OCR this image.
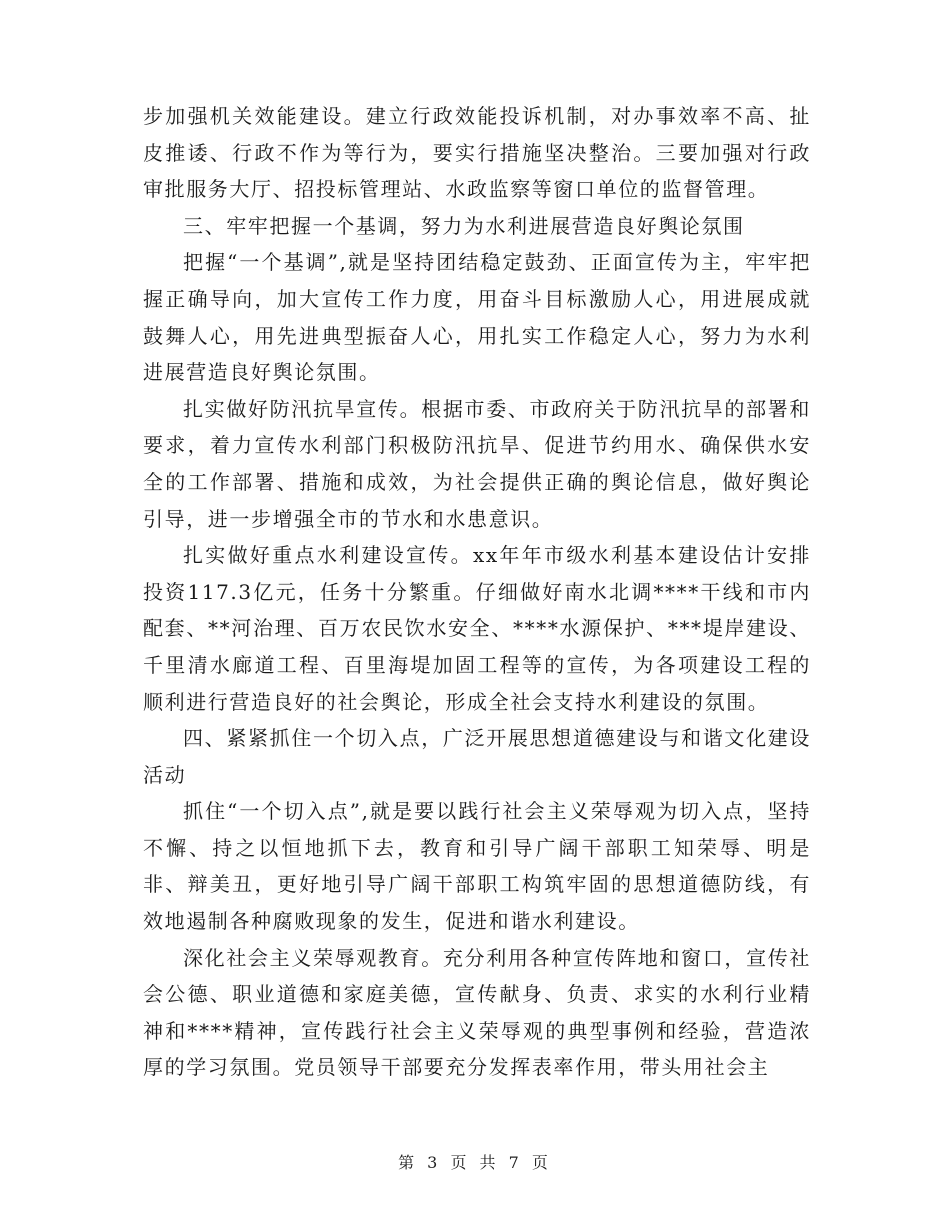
步加强机关效能建设。建立行政效能投诉机制，对办事效率不高、扯皮推诿、行政不作为等行为，要实行措施坚决整治。三要加强对行政审批服务大厅、招投标管理站、水政监察等窗口单位的监督管理。

三、牢牢把握一个基调，努力为水利进展营造良好舆论氛围

把握“一个基调”,就是坚持团结稳定鼓劲、正面宣传为主，牢牢把握正确导向，加大宣传工作力度，用奋斗目标激励人心，用进展成就鼓舞人心，用先进典型振奋人心，用扎实工作稳定人心，努力为水利进展营造良好舆论氛围。

扎实做好防汛抗旱宣传。根据市委、市政府关于防汛抗旱的部署和要求，着力宣传水利部门积极防汛抗旱、促进节约用水、确保供水安全的工作部署、措施和成效，为社会提供正确的舆论信息，做好舆论引导，进一步增强全市的节水和水患意识。

扎实做好重点水利建设宣传。xx年年市级水利基本建设估计安排投资117.3亿元，任务十分繁重。仔细做好南水北调****干线和市内配套、**河治理、百万农民饮水安全、****水源保护、***堤岸建设、千里清水廊道工程、百里海堤加固工程等的宣传，为各项建设工程的顺利进行营造良好的社会舆论，形成全社会支持水利建设的氛围。

四、紧紧抓住一个切入点，广泛开展思想道德建设与和谐文化建设活动

抓住“一个切入点”,就是要以践行社会主义荣辱观为切入点，坚持不懈、持之以恒地抓下去，教育和引导广阔干部职工知荣辱、明是非、辩美丑，更好地引导广阔干部职工构筑牢固的思想道德防线，有效地遏制各种腐败现象的发生，促进和谐水利建设。

深化社会主义荣辱观教育。充分利用各种宣传阵地和窗口，宣传社会公德、职业道德和家庭美德，宣传献身、负责、求实的水利行业精神和****精神，宣传践行社会主义荣辱观的典型事例和经验，营造浓厚的学习氛围。党员领导干部要充分发挥表率作用，带头用社会主

第 3 页 共 7 页
